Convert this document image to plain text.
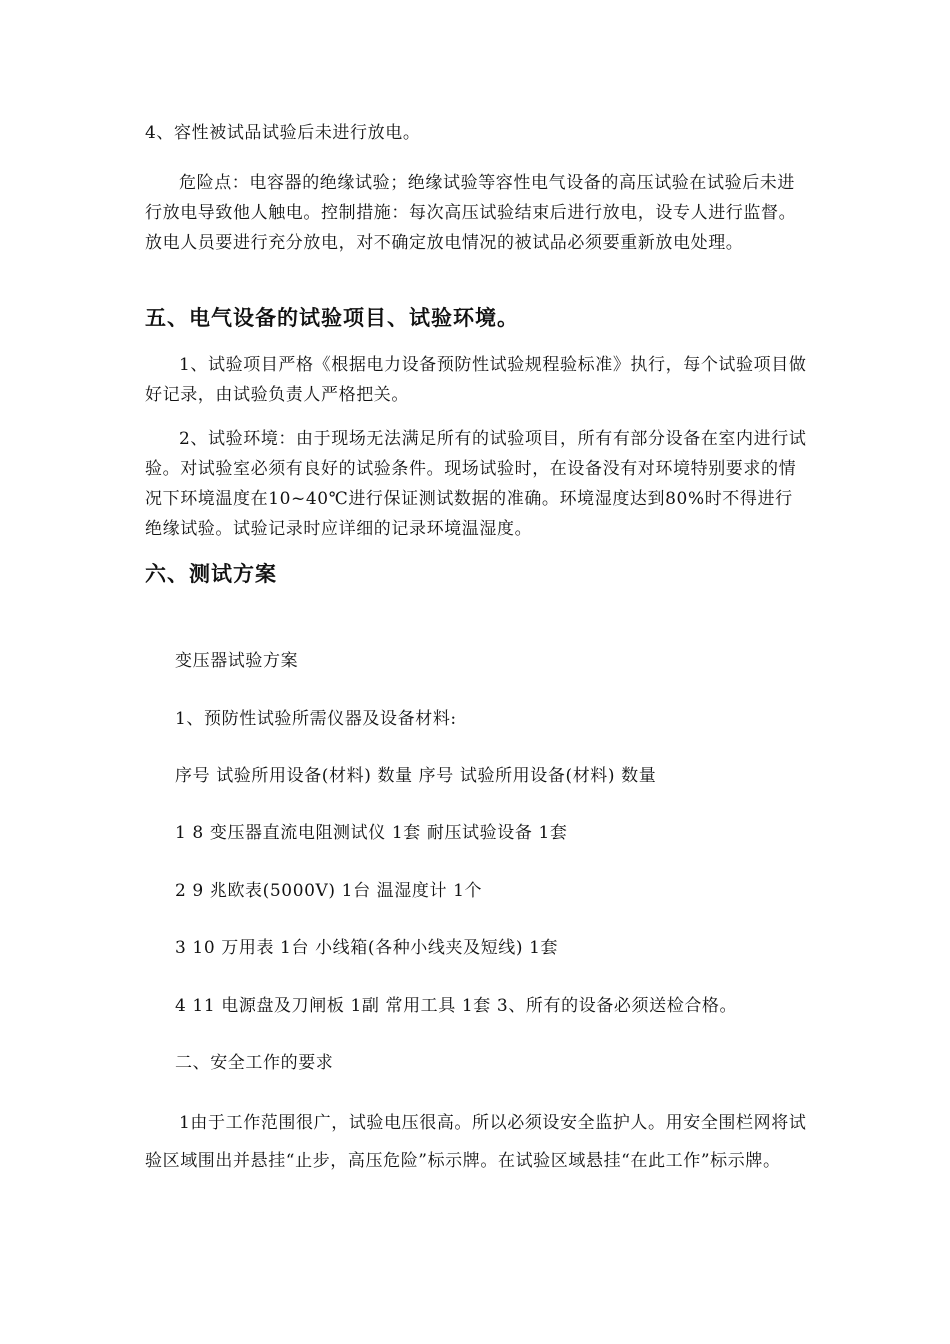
4、容性被试品试验后未进行放电。

危险点：电容器的绝缘试验；绝缘试验等容性电气设备的高压试验在试验后未进行放电导致他人触电。控制措施：每次高压试验结束后进行放电，设专人进行监督。放电人员要进行充分放电，对不确定放电情况的被试品必须要重新放电处理。

五、电气设备的试验项目、试验环境。

1、试验项目严格《根据电力设备预防性试验规程验标准》执行，每个试验项目做好记录，由试验负责人严格把关。

2、试验环境：由于现场无法满足所有的试验项目，所有有部分设备在室内进行试验。对试验室必须有良好的试验条件。现场试验时，在设备没有对环境特别要求的情况下环境温度在10~40℃进行保证测试数据的准确。环境湿度达到80%时不得进行绝缘试验。试验记录时应详细的记录环境温湿度。

六、测试方案

变压器试验方案

1、预防性试验所需仪器及设备材料:

序号 试验所用设备(材料) 数量 序号 试验所用设备(材料) 数量

1 8 变压器直流电阻测试仪 1套 耐压试验设备 1套

2 9 兆欧表(5000V) 1台 温湿度计 1个

3 10 万用表 1台 小线箱(各种小线夹及短线) 1套

4 11 电源盘及刀闸板 1副 常用工具 1套 3、所有的设备必须送检合格。

二、安全工作的要求

1由于工作范围很广，试验电压很高。所以必须设安全监护人。用安全围栏网将试验区域围出并悬挂“止步，高压危险”标示牌。在试验区域悬挂“在此工作”标示牌。
